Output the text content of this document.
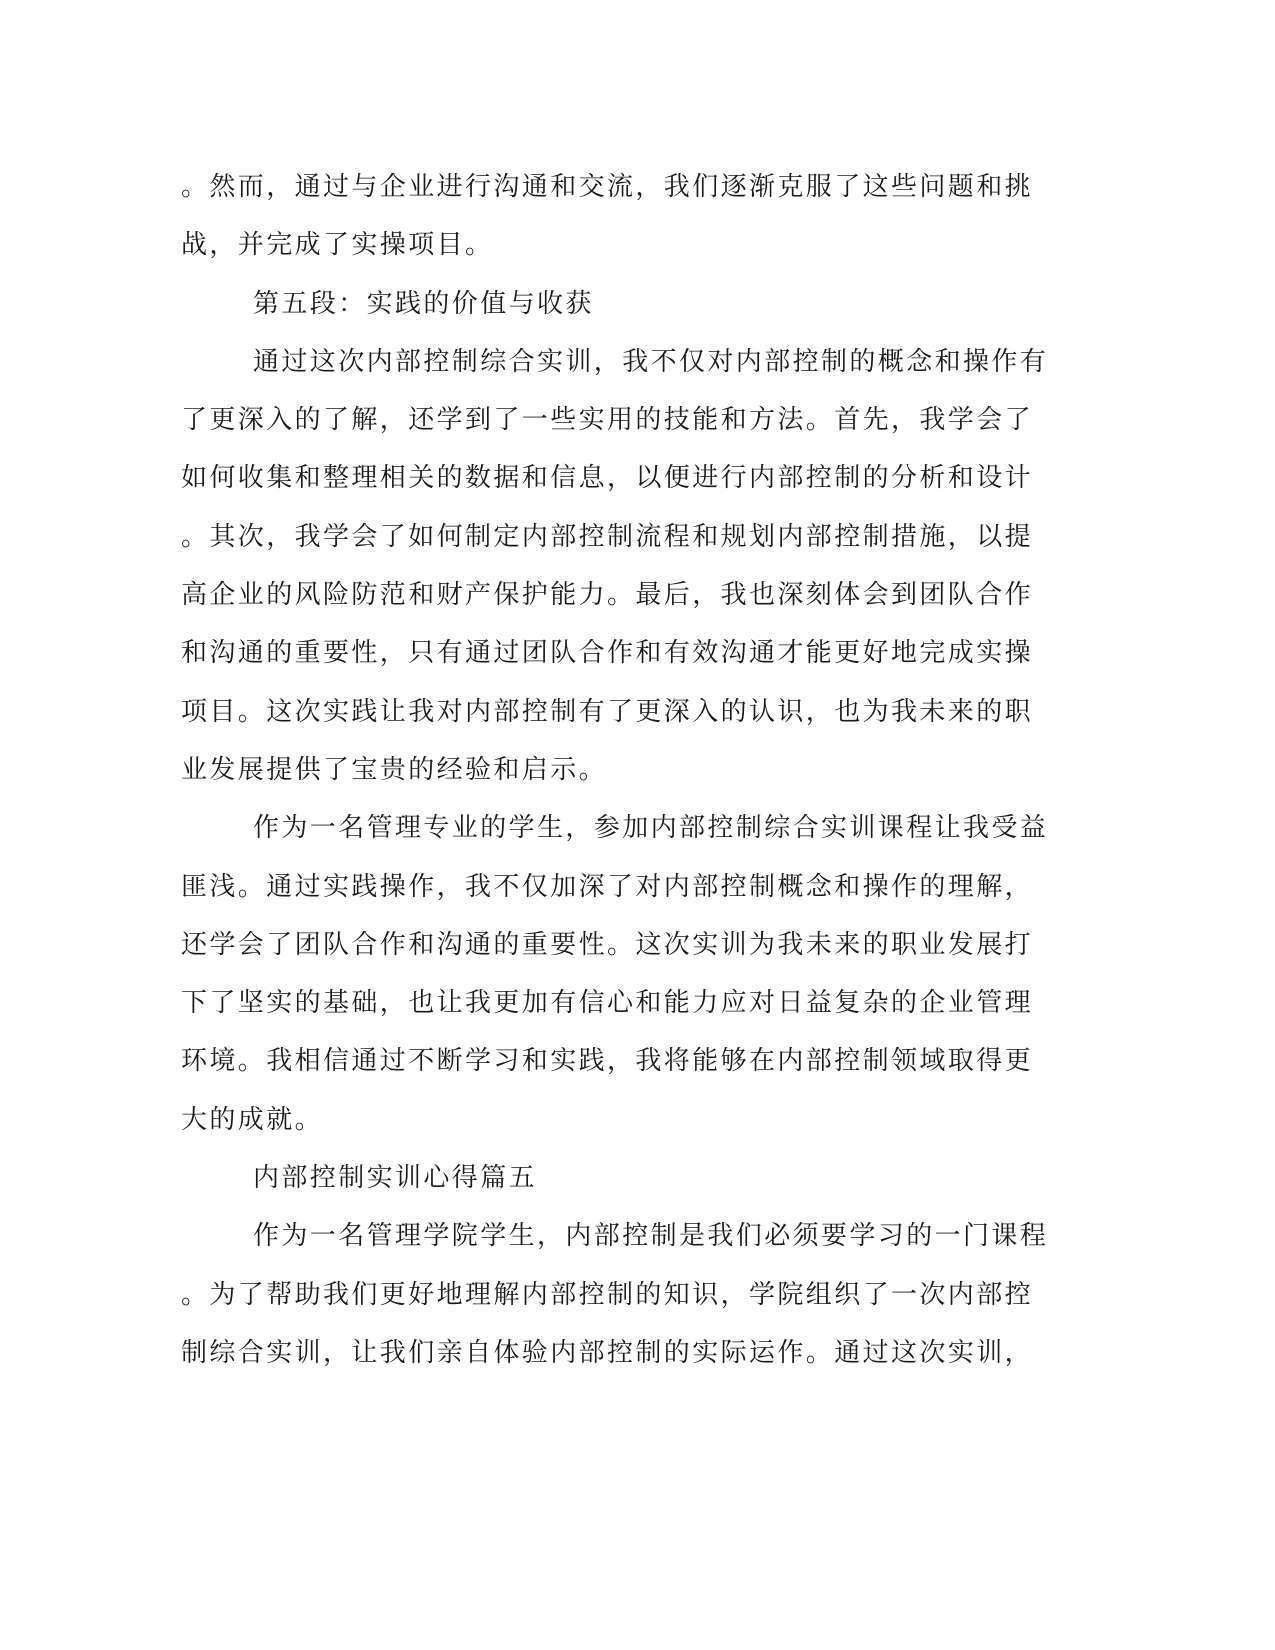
。然而，通过与企业进行沟通和交流，我们逐渐克服了这些问题和挑
战，并完成了实操项目。
第五段：实践的价值与收获
通过这次内部控制综合实训，我不仅对内部控制的概念和操作有
了更深入的了解，还学到了一些实用的技能和方法。首先，我学会了
如何收集和整理相关的数据和信息，以便进行内部控制的分析和设计
。其次，我学会了如何制定内部控制流程和规划内部控制措施，以提
高企业的风险防范和财产保护能力。最后，我也深刻体会到团队合作
和沟通的重要性，只有通过团队合作和有效沟通才能更好地完成实操
项目。这次实践让我对内部控制有了更深入的认识，也为我未来的职
业发展提供了宝贵的经验和启示。
作为一名管理专业的学生，参加内部控制综合实训课程让我受益
匪浅。通过实践操作，我不仅加深了对内部控制概念和操作的理解，
还学会了团队合作和沟通的重要性。这次实训为我未来的职业发展打
下了坚实的基础，也让我更加有信心和能力应对日益复杂的企业管理
环境。我相信通过不断学习和实践，我将能够在内部控制领域取得更
大的成就。
内部控制实训心得篇五
作为一名管理学院学生，内部控制是我们必须要学习的一门课程
。为了帮助我们更好地理解内部控制的知识，学院组织了一次内部控
制综合实训，让我们亲自体验内部控制的实际运作。通过这次实训，
